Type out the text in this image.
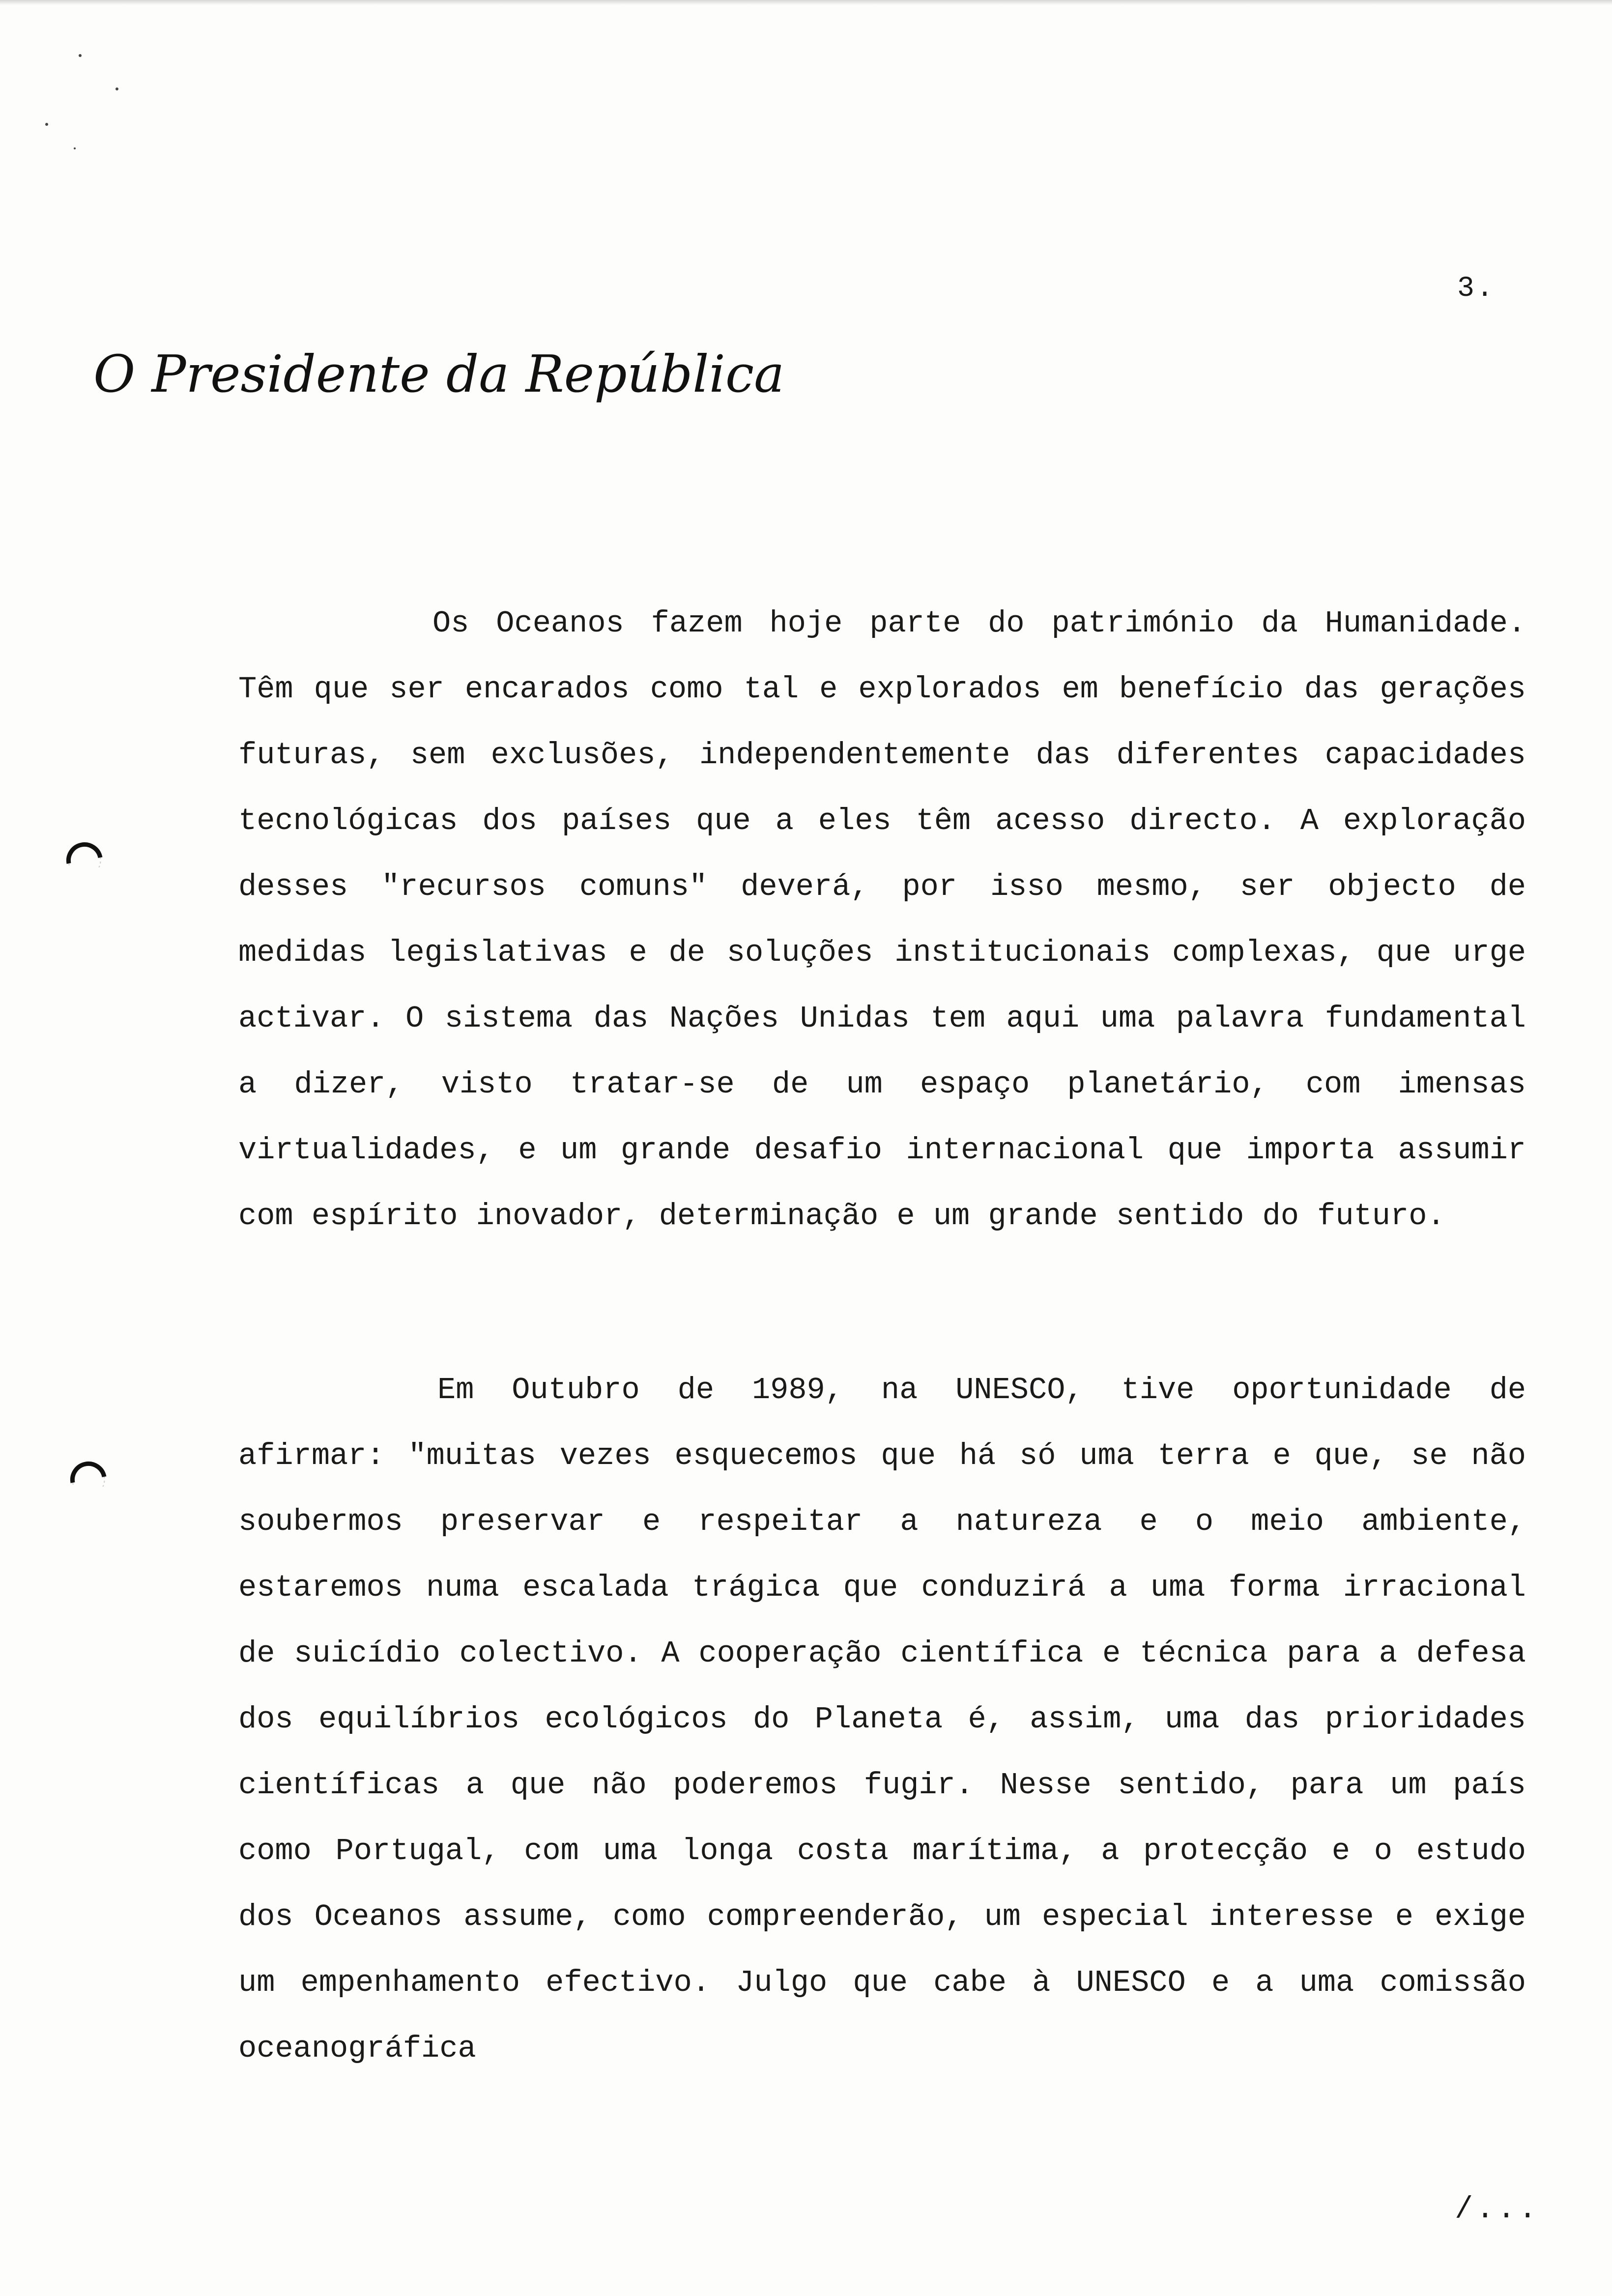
3.
O Presidente da República

Os Oceanos fazem hoje parte do património da Humanidade. Têm que ser encarados como tal e explorados em benefício das gerações futuras, sem exclusões, independentemente das diferentes capacidades tecnológicas dos países que a eles têm acesso directo. A exploração desses "recursos comuns" deverá, por isso mesmo, ser objecto de medidas legislativas e de soluções institucionais complexas, que urge activar. O sistema das Nações Unidas tem aqui uma palavra fundamental a dizer, visto tratar-se de um espaço planetário, com imensas virtualidades, e um grande desafio internacional que importa assumir com espírito inovador, determinação e um grande sentido do futuro.

Em Outubro de 1989, na UNESCO, tive oportunidade de afirmar: "muitas vezes esquecemos que há só uma terra e que, se não soubermos preservar e respeitar a natureza e o meio ambiente, estaremos numa escalada trágica que conduzirá a uma forma irracional de suicídio colectivo. A cooperação científica e técnica para a defesa dos equilíbrios ecológicos do Planeta é, assim, uma das prioridades científicas a que não poderemos fugir. Nesse sentido, para um país como Portugal, com uma longa costa marítima, a protecção e o estudo dos Oceanos assume, como compreenderão, um especial interesse e exige um empenhamento efectivo. Julgo que cabe à UNESCO e a uma comissão oceanográfica

/...
